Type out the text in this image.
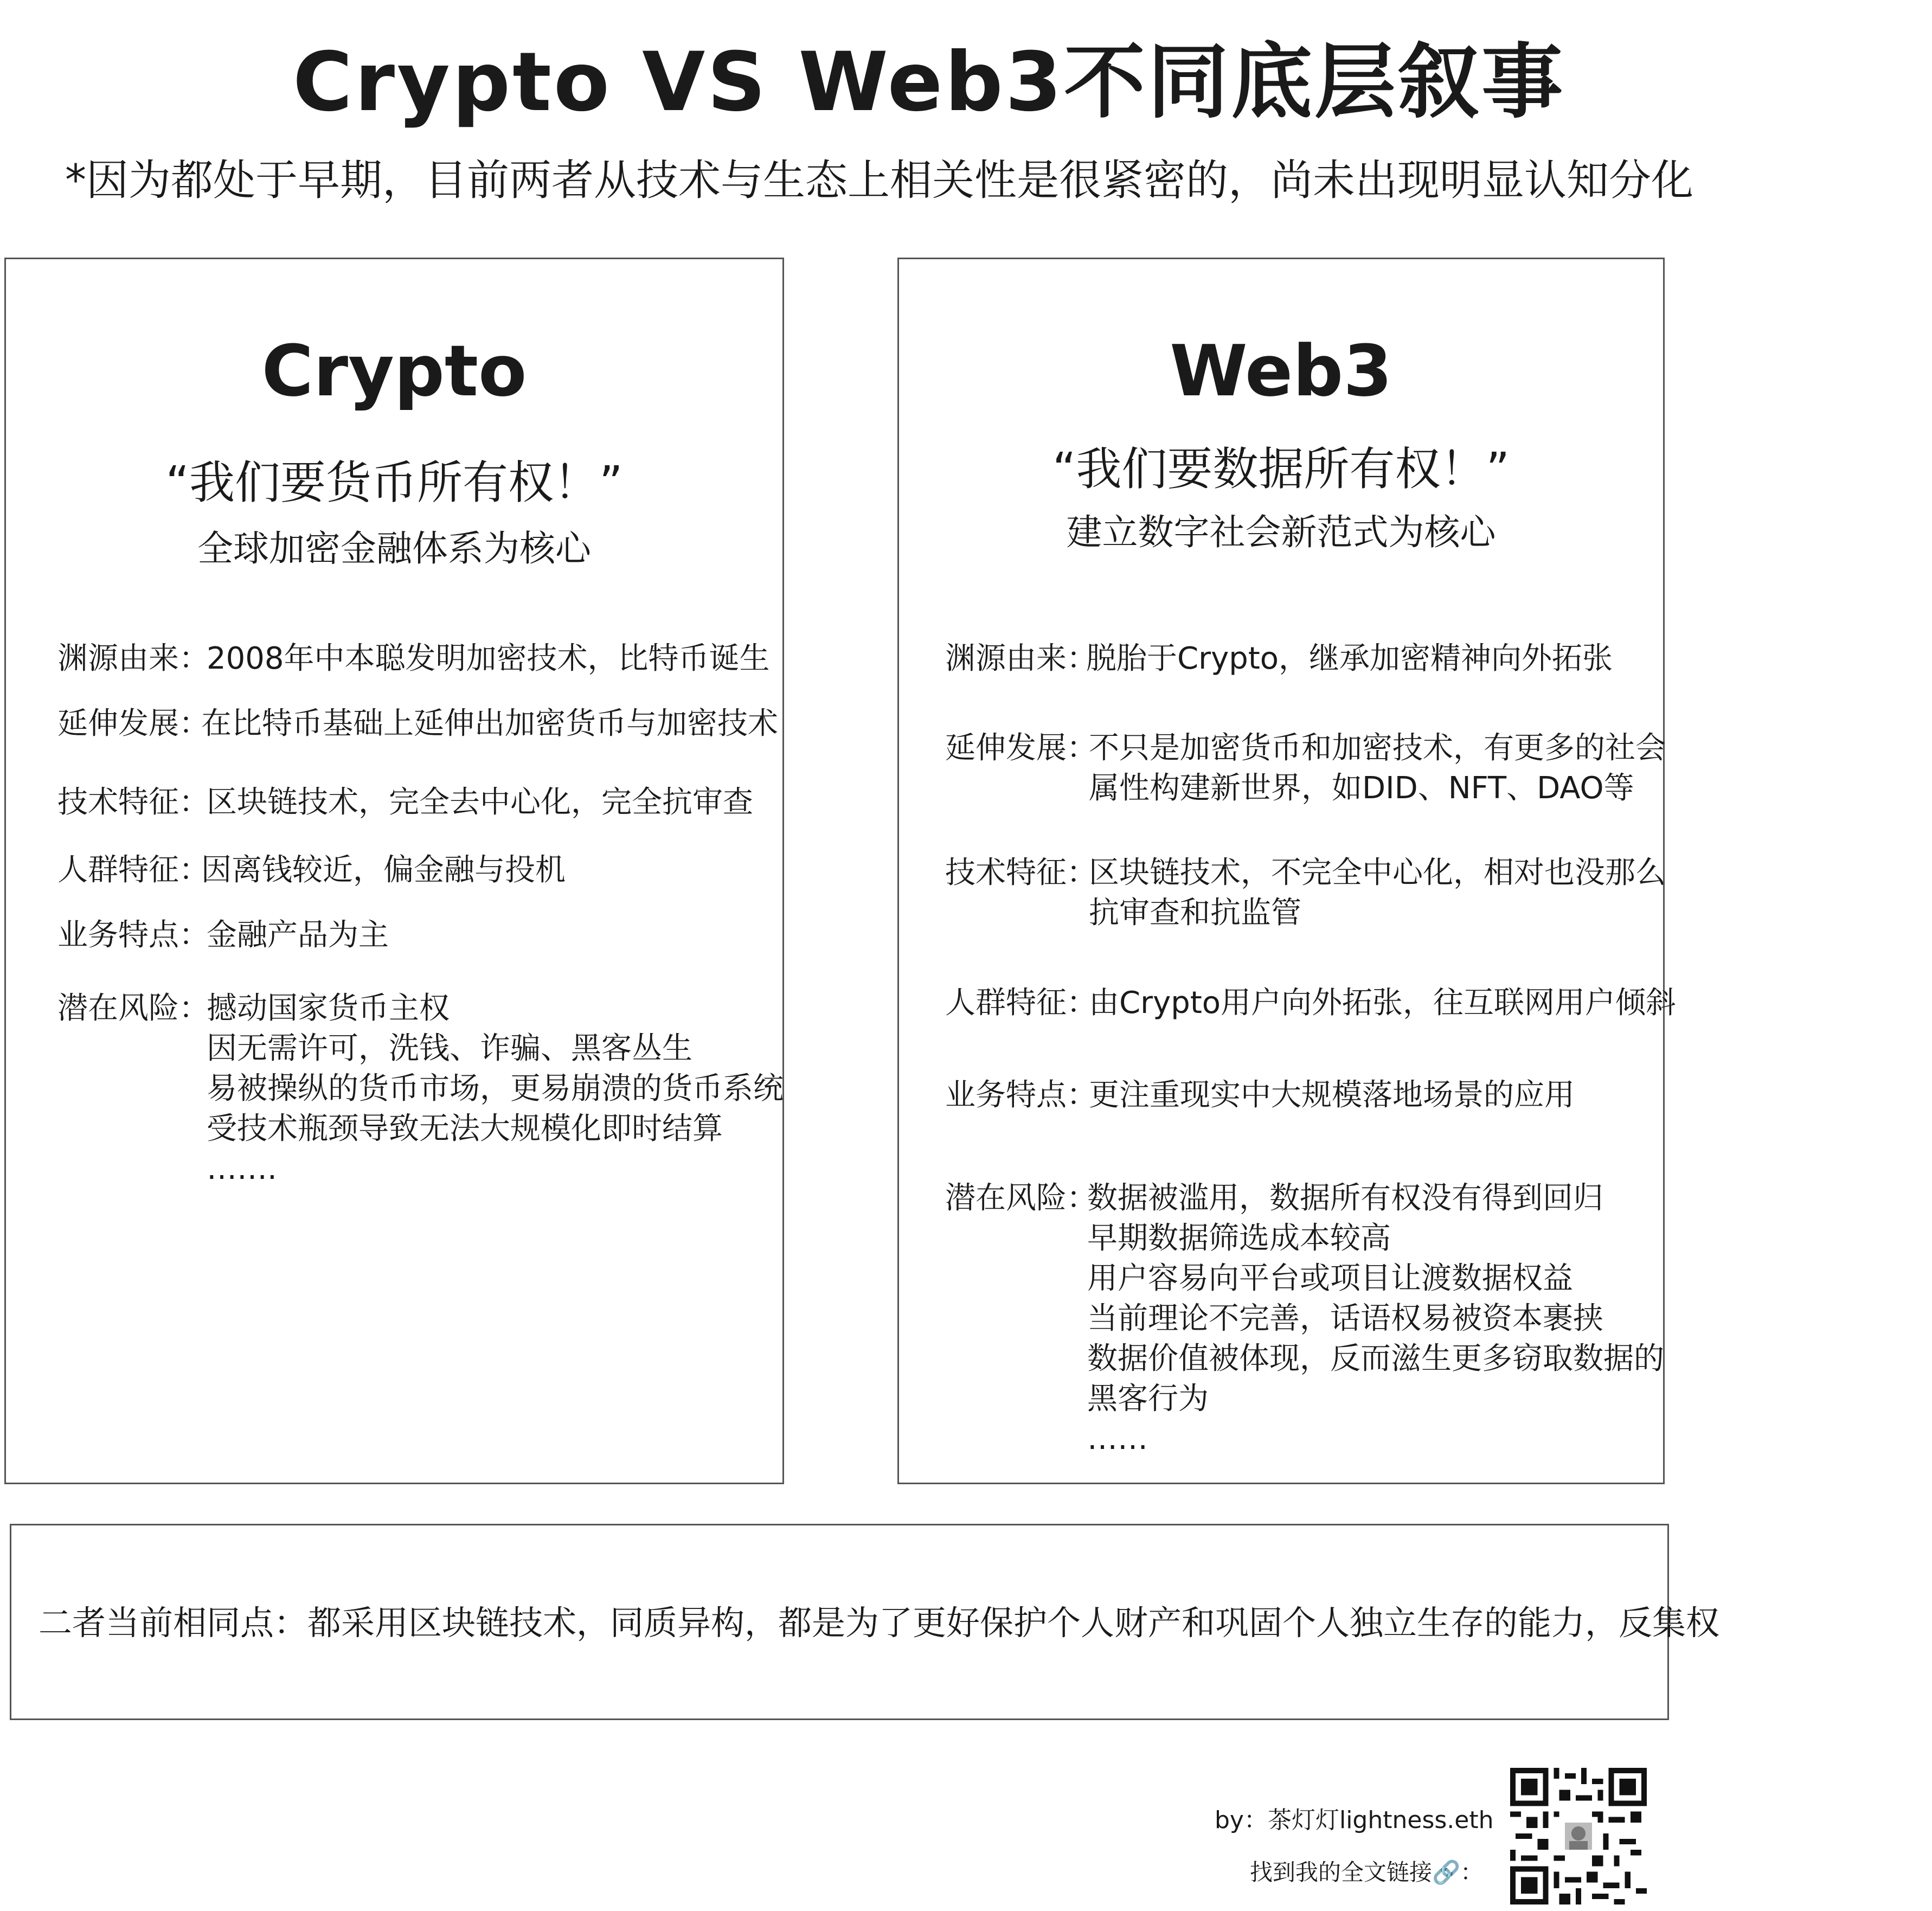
Crypto VS Web3不同底层叙事
*因为都处于早期，目前两者从技术与生态上相关性是很紧密的，尚未出现明显认知分化
Crypto
“我们要货币所有权！”
全球加密金融体系为核心
渊源由来：
2008年中本聪发明加密技术，比特币诞生
延伸发展：
在比特币基础上延伸出加密货币与加密技术
技术特征：
区块链技术，完全去中心化，完全抗审查
人群特征：
因离钱较近，偏金融与投机
业务特点：
金融产品为主
潜在风险：
撼动国家货币主权
因无需许可，洗钱、诈骗、黑客丛生
易被操纵的货币市场，更易崩溃的货币系统
受技术瓶颈导致无法大规模化即时结算
…….
Web3
“我们要数据所有权！”
建立数字社会新范式为核心
渊源由来：
脱胎于Crypto，继承加密精神向外拓张
延伸发展：
不只是加密货币和加密技术，有更多的社会
属性构建新世界，如DID、NFT、DAO等
技术特征：
区块链技术，不完全中心化，相对也没那么
抗审查和抗监管
人群特征：
由Crypto用户向外拓张，往互联网用户倾斜
业务特点：
更注重现实中大规模落地场景的应用
潜在风险：
数据被滥用，数据所有权没有得到回归
早期数据筛选成本较高
用户容易向平台或项目让渡数据权益
当前理论不完善，话语权易被资本裹挟
数据价值被体现，反而滋生更多窃取数据的
黑客行为
……
二者当前相同点：都采用区块链技术，同质异构，都是为了更好保护个人财产和巩固个人独立生存的能力，反集权
by：茶灯灯lightness.eth
找到我的全文链接🔗：
